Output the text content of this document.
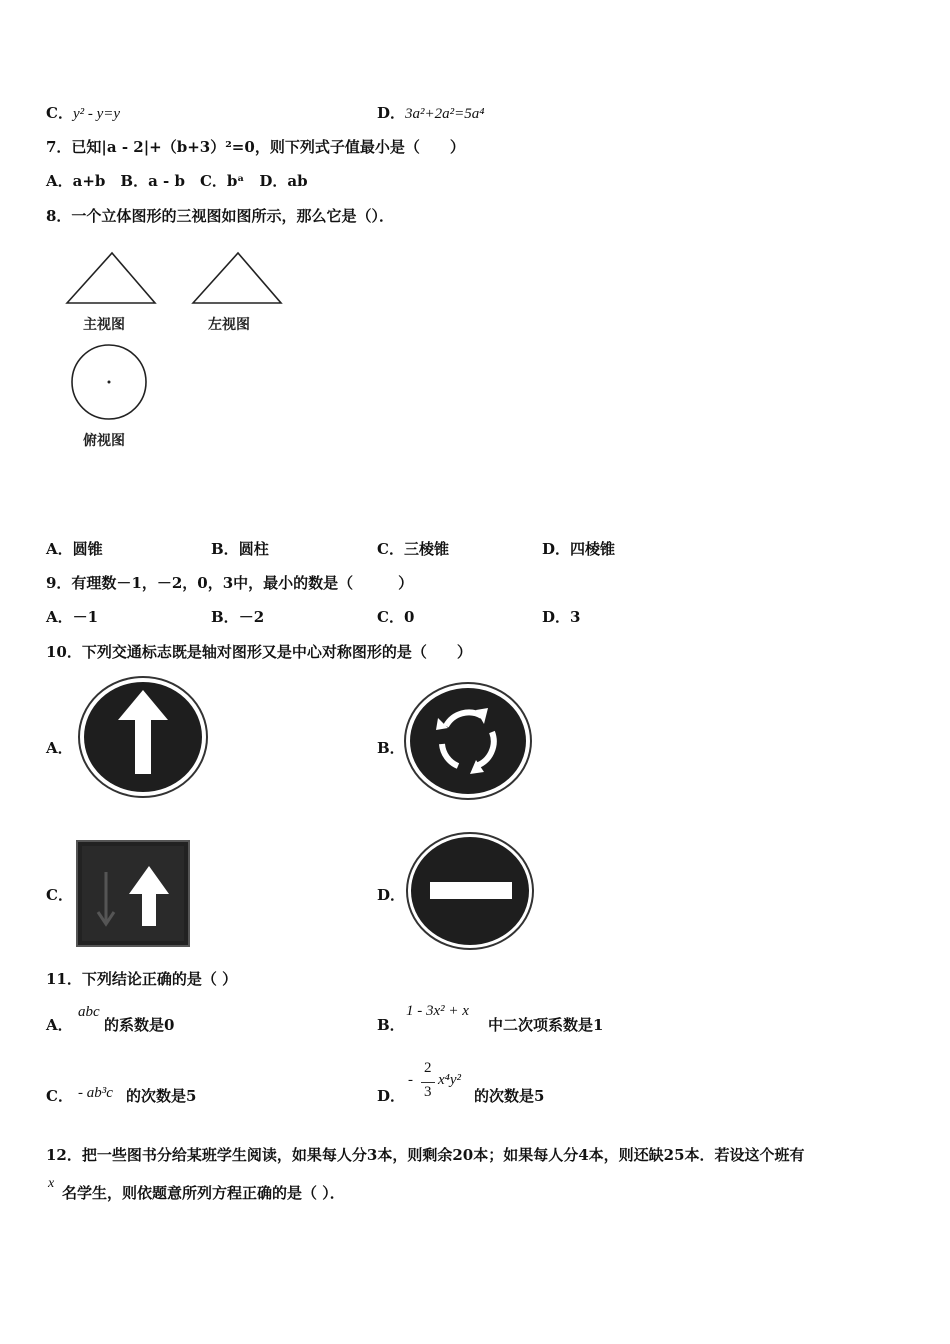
C．y² - y=y	D．3a²+2a²=5a⁴
7．已知|a - 2|+（b+3）²=0，则下列式子值最小是（　　）
A．a+b　B．a - b　C．bᵃ　D．ab
8．一个立体图形的三视图如图所示，那么它是（）．
主视图	左视图
俯视图
A．圆锥	B．圆柱	C．三棱锥	D．四棱锥
9．有理数－1，－2，0，3中，最小的数是（　　　）
A．－1	B．－2	C．0	D．3
10．下列交通标志既是轴对图形又是中心对称图形的是（　　）
A．	B．
C．	D．
11．下列结论正确的是（ ）
A．
abc
的系数是0	B．
1 - 3x² + x
中二次项系数是1
C． - ab³c 的次数是5	D．
-
2
3
x⁴y²
的次数是5
12．把一些图书分给某班学生阅读，如果每人分3本，则剩余20本；如果每人分4本，则还缺25本．若设这个班有
x
名学生，则依题意所列方程正确的是（ ）．
